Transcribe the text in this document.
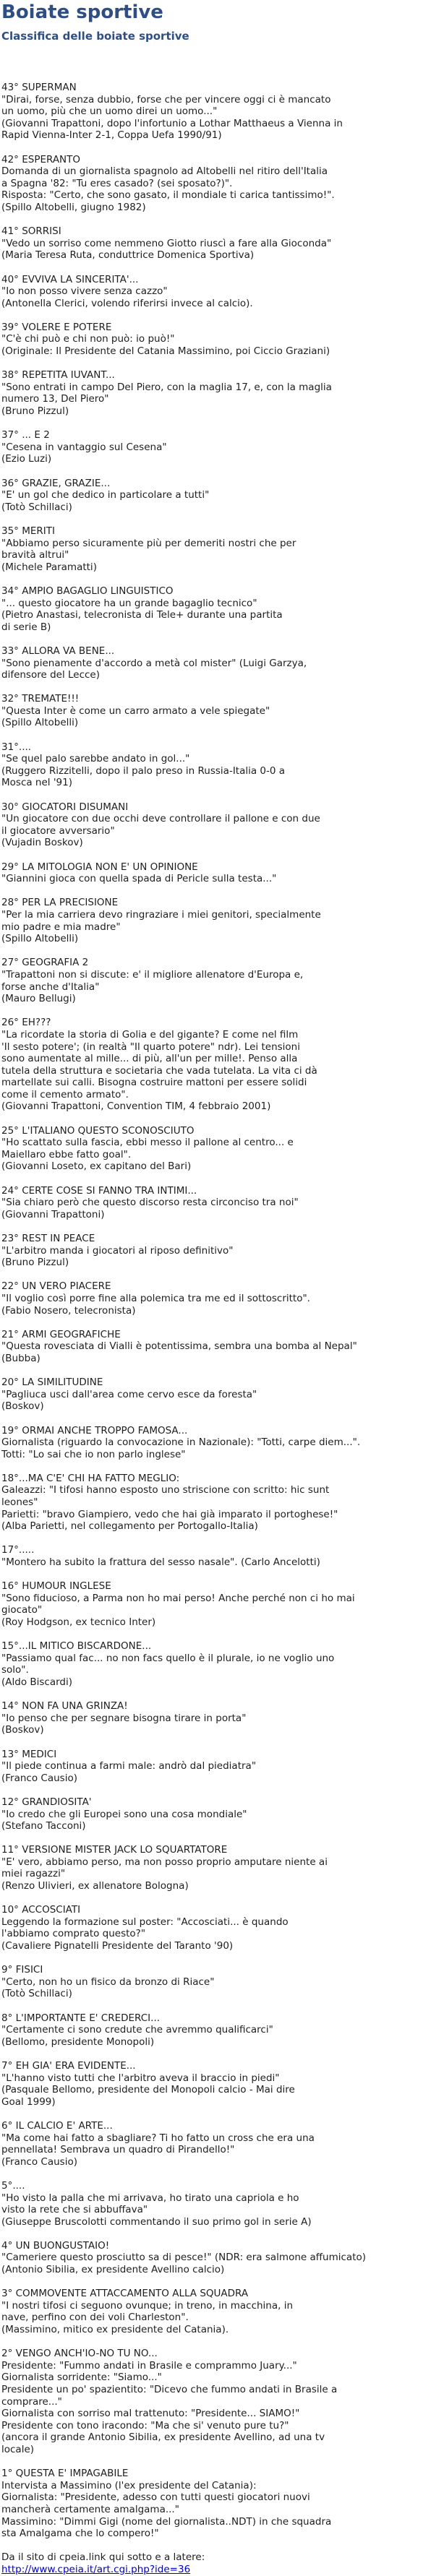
Boiate sportive
Classifica delle boiate sportive
43° SUPERMAN
"Dirai, forse, senza dubbio, forse che per vincere oggi ci è mancato
un uomo, più che un uomo direi un uomo..."
(Giovanni Trapattoni, dopo l'infortunio a Lothar Matthaeus a Vienna in
Rapid Vienna-Inter 2-1, Coppa Uefa 1990/91)
42° ESPERANTO
Domanda di un giornalista spagnolo ad Altobelli nel ritiro dell'Italia
a Spagna '82: "Tu eres casado? (sei sposato?)".
Risposta: "Certo, che sono gasato, il mondiale ti carica tantissimo!".
(Spillo Altobelli, giugno 1982)
41° SORRISI
"Vedo un sorriso come nemmeno Giotto riuscì a fare alla Gioconda"
(Maria Teresa Ruta, conduttrice Domenica Sportiva)
40° EVVIVA LA SINCERITA'...
"Io non posso vivere senza cazzo"
(Antonella Clerici, volendo riferirsi invece al calcio).
39° VOLERE E POTERE
"C'è chi può e chi non può: io può!"
(Originale: Il Presidente del Catania Massimino, poi Ciccio Graziani)
38° REPETITA IUVANT...
"Sono entrati in campo Del Piero, con la maglia 17, e, con la maglia
numero 13, Del Piero"
(Bruno Pizzul)
37° ... E 2
"Cesena in vantaggio sul Cesena"
(Ezio Luzi)
36° GRAZIE, GRAZIE...
"E' un gol che dedico in particolare a tutti"
(Totò Schillaci)
35° MERITI
"Abbiamo perso sicuramente più per demeriti nostri che per
bravità altrui"
(Michele Paramatti)
34° AMPIO BAGAGLIO LINGUISTICO
"... questo giocatore ha un grande bagaglio tecnico"
(Pietro Anastasi, telecronista di Tele+ durante una partita
di serie B)
33° ALLORA VA BENE...
"Sono pienamente d'accordo a metà col mister" (Luigi Garzya,
difensore del Lecce)
32° TREMATE!!!
"Questa Inter è come un carro armato a vele spiegate"
(Spillo Altobelli)
31°....
"Se quel palo sarebbe andato in gol..."
(Ruggero Rizzitelli, dopo il palo preso in Russia-Italia 0-0 a
Mosca nel '91)
30° GIOCATORI DISUMANI
"Un giocatore con due occhi deve controllare il pallone e con due
il giocatore avversario"
(Vujadin Boskov)
29° LA MITOLOGIA NON E' UN OPINIONE
"Giannini gioca con quella spada di Pericle sulla testa..."
28° PER LA PRECISIONE
"Per la mia carriera devo ringraziare i miei genitori, specialmente
mio padre e mia madre"
(Spillo Altobelli)
27° GEOGRAFIA 2
"Trapattoni non si discute: e' il migliore allenatore d'Europa e,
forse anche d'Italia"
(Mauro Bellugi)
26° EH???
"La ricordate la storia di Golia e del gigante? E come nel film
'Il sesto potere'; (in realtà "Il quarto potere" ndr). Lei tensioni
sono aumentate al mille... di più, all'un per mille!. Penso alla
tutela della struttura e societaria che vada tutelata. La vita ci dà
martellate sui calli. Bisogna costruire mattoni per essere solidi
come il cemento armato".
(Giovanni Trapattoni, Convention TIM, 4 febbraio 2001)
25° L'ITALIANO QUESTO SCONOSCIUTO
"Ho scattato sulla fascia, ebbi messo il pallone al centro... e
Maiellaro ebbe fatto goal".
(Giovanni Loseto, ex capitano del Bari)
24° CERTE COSE SI FANNO TRA INTIMI...
"Sia chiaro però che questo discorso resta circonciso tra noi"
(Giovanni Trapattoni)
23° REST IN PEACE
"L'arbitro manda i giocatori al riposo definitivo"
(Bruno Pizzul)
22° UN VERO PIACERE
"Il voglio così porre fine alla polemica tra me ed il sottoscritto".
(Fabio Nosero, telecronista)
21° ARMI GEOGRAFICHE
"Questa rovesciata di Vialli è potentissima, sembra una bomba al Nepal"
(Bubba)
20° LA SIMILITUDINE
"Pagliuca usci dall'area come cervo esce da foresta"
(Boskov)
19° ORMAI ANCHE TROPPO FAMOSA...
Giornalista (riguardo la convocazione in Nazionale): "Totti, carpe diem...".
Totti: "Lo sai che io non parlo inglese"
18°...MA C'E' CHI HA FATTO MEGLIO:
Galeazzi: "I tifosi hanno esposto uno striscione con scritto: hic sunt
leones"
Parietti: "bravo Giampiero, vedo che hai già imparato il portoghese!"
(Alba Parietti, nel collegamento per Portogallo-Italia)
17°.....
"Montero ha subito la frattura del sesso nasale". (Carlo Ancelotti)
16° HUMOUR INGLESE
"Sono fiducioso, a Parma non ho mai perso! Anche perché non ci ho mai
giocato"
(Roy Hodgson, ex tecnico Inter)
15°...IL MITICO BISCARDONE...
"Passiamo qual fac... no non facs quello è il plurale, io ne voglio uno
solo".
(Aldo Biscardi)
14° NON FA UNA GRINZA!
"Io penso che per segnare bisogna tirare in porta"
(Boskov)
13° MEDICI
"Il piede continua a farmi male: andrò dal piediatra"
(Franco Causio)
12° GRANDIOSITA'
"Io credo che gli Europei sono una cosa mondiale"
(Stefano Tacconi)
11° VERSIONE MISTER JACK LO SQUARTATORE
"E' vero, abbiamo perso, ma non posso proprio amputare niente ai
miei ragazzi"
(Renzo Ulivieri, ex allenatore Bologna)
10° ACCOSCIATI
Leggendo la formazione sul poster: "Accosciati... è quando
l'abbiamo comprato questo?"
(Cavaliere Pignatelli Presidente del Taranto '90)
9° FISICI
"Certo, non ho un fisico da bronzo di Riace"
(Totò Schillaci)
8° L'IMPORTANTE E' CREDERCI...
"Certamente ci sono credute che avremmo qualificarci"
(Bellomo, presidente Monopoli)
7° EH GIA' ERA EVIDENTE...
"L'hanno visto tutti che l'arbitro aveva il braccio in piedi"
(Pasquale Bellomo, presidente del Monopoli calcio - Mai dire
Goal 1999)
6° IL CALCIO E' ARTE...
"Ma come hai fatto a sbagliare? Ti ho fatto un cross che era una
pennellata! Sembrava un quadro di Pirandello!"
(Franco Causio)
5°....
"Ho visto la palla che mi arrivava, ho tirato una capriola e ho
visto la rete che si abbuffava"
(Giuseppe Bruscolotti commentando il suo primo gol in serie A)
4° UN BUONGUSTAIO!
"Cameriere questo prosciutto sa di pesce!" (NDR: era salmone affumicato)
(Antonio Sibilia, ex presidente Avellino calcio)
3° COMMOVENTE ATTACCAMENTO ALLA SQUADRA
"I nostri tifosi ci seguono ovunque; in treno, in macchina, in
nave, perfino con dei voli Charleston".
(Massimino, mitico ex presidente del Catania).
2° VENGO ANCH'IO-NO TU NO...
Presidente: "Fummo andati in Brasile e comprammo Juary..."
Giornalista sorridente: "Siamo..."
Presidente un po' spazientito: "Dicevo che fummo andati in Brasile a
comprare..."
Giornalista con sorriso mal trattenuto: "Presidente... SIAMO!"
Presidente con tono iracondo: "Ma che si' venuto pure tu?"
(ancora il grande Antonio Sibilia, ex presidente Avellino, ad una tv
locale)
1° QUESTA E' IMPAGABILE
Intervista a Massimino (l'ex presidente del Catania):
Giornalista: "Presidente, adesso con tutti questi giocatori nuovi
mancherà certamente amalgama..."
Massimino: "Dimmi Gigi (nome del giornalista..NDT) in che squadra
sta Amalgama che lo compero!"
Da il sito di cpeia.link qui sotto e a latere:
http://www.cpeia.it/art.cgi.php?ide=36
